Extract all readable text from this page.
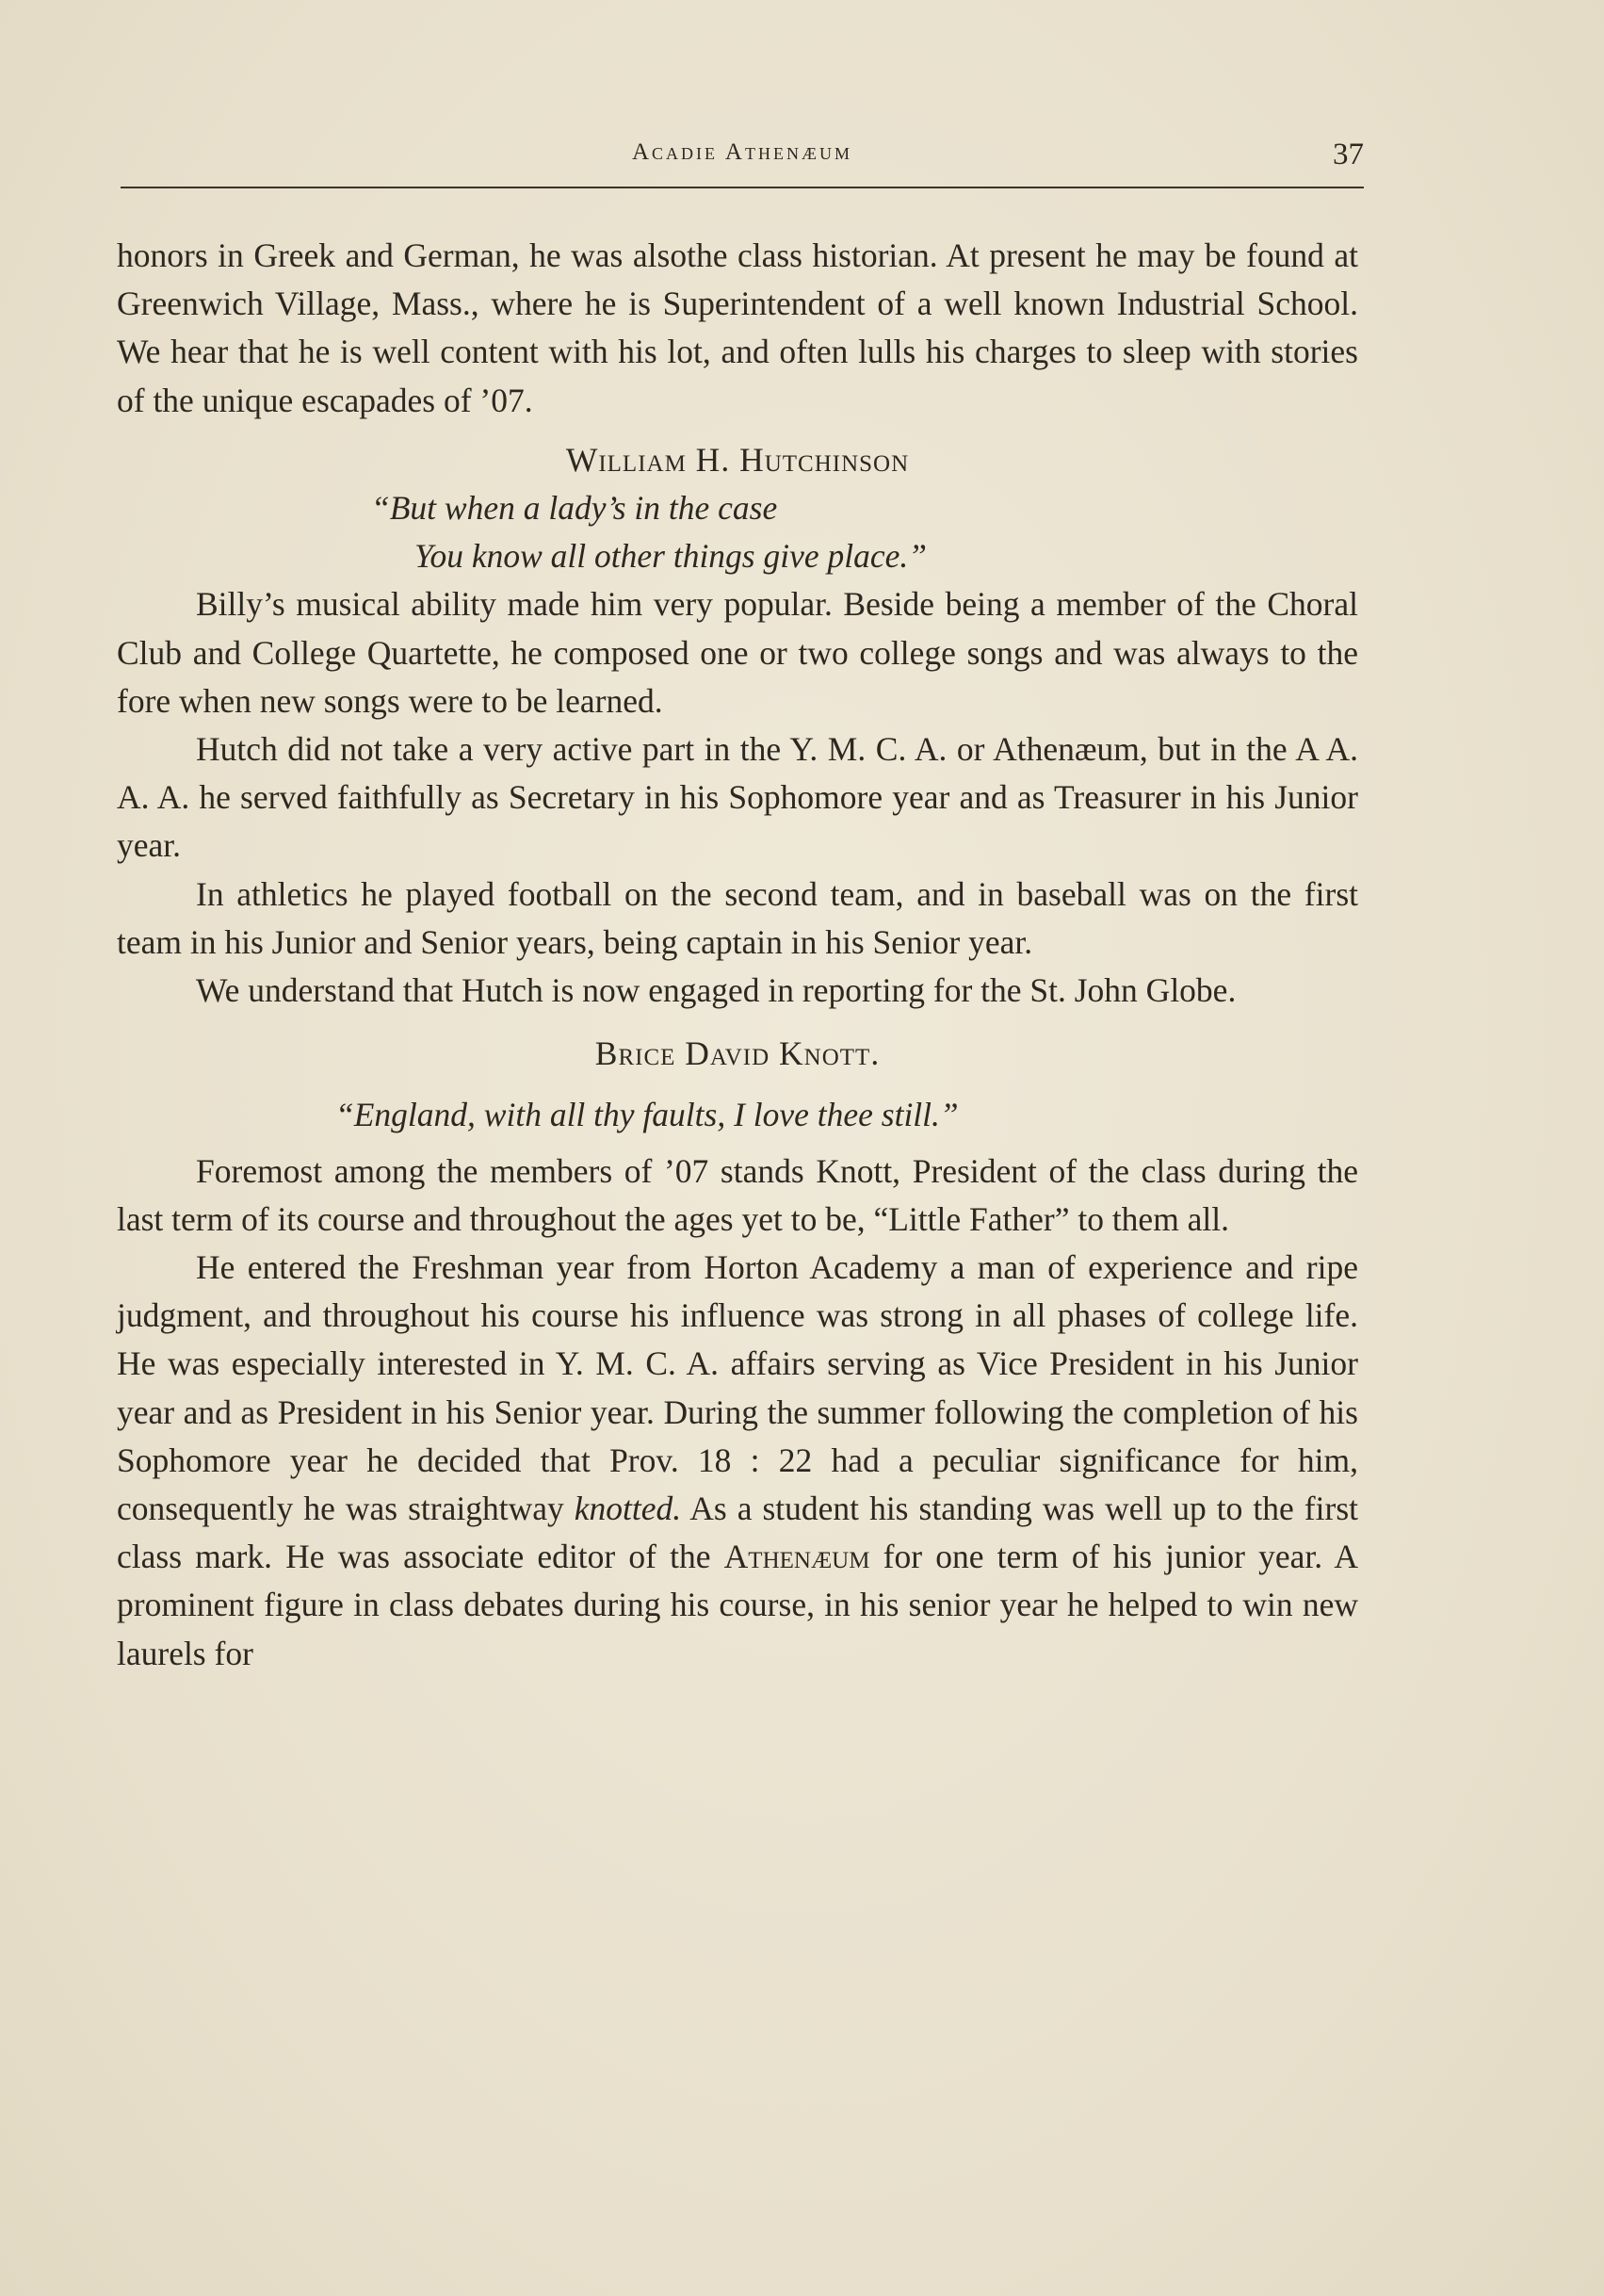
Acadie Athenæum	37

honors in Greek and German, he was alsothe class historian. At present he may be found at Greenwich Village, Mass., where he is Superintendent of a well known Industrial School. We hear that he is well content with his lot, and often lulls his charges to sleep with stories of the unique escapades of ’07.

William H. Hutchinson
“But when a lady’s in the case
You know all other things give place.”

Billy’s musical ability made him very popular. Beside being a member of the Choral Club and College Quartette, he composed one or two college songs and was always to the fore when new songs were to be learned.

Hutch did not take a very active part in the Y. M. C. A. or Athenæum, but in the A A. A. A. he served faithfully as Secretary in his Sophomore year and as Treasurer in his Junior year.

In athletics he played football on the second team, and in baseball was on the first team in his Junior and Senior years, being captain in his Senior year.

We understand that Hutch is now engaged in reporting for the St. John Globe.

Brice David Knott.
“England, with all thy faults, I love thee still.”

Foremost among the members of ’07 stands Knott, President of the class during the last term of its course and throughout the ages yet to be, “Little Father” to them all.

He entered the Freshman year from Horton Academy a man of experience and ripe judgment, and throughout his course his influence was strong in all phases of college life. He was especially interested in Y. M. C. A. affairs serving as Vice President in his Junior year and as President in his Senior year. During the summer following the completion of his Sophomore year he decided that Prov. 18 : 22 had a peculiar significance for him, consequently he was straightway knotted. As a student his standing was well up to the first class mark. He was associate editor of the Athenæum for one term of his junior year. A prominent figure in class debates during his course, in his senior year he helped to win new laurels for
